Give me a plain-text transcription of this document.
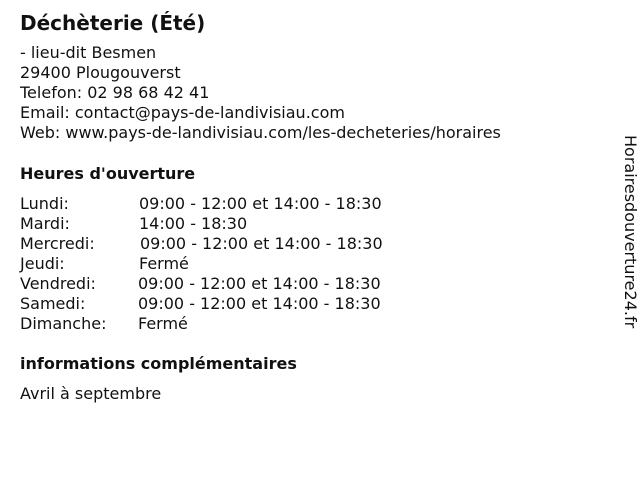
Déchèterie (Été)
- lieu-dit Besmen
29400 Plougouverst
Telefon: 02 98 68 42 41
Email: contact@pays-de-landivisiau.com
Web: www.pays-de-landivisiau.com/les-decheteries/horaires
Heures d'ouverture
Lundi:	09:00 - 12:00 et 14:00 - 18:30
Mardi:	14:00 - 18:30
Mercredi:	09:00 - 12:00 et 14:00 - 18:30
Jeudi:	Fermé
Vendredi:	09:00 - 12:00 et 14:00 - 18:30
Samedi:	09:00 - 12:00 et 14:00 - 18:30
Dimanche: Fermé
informations complémentaires
Avril à septembre
Horairesdouverture24.fr
